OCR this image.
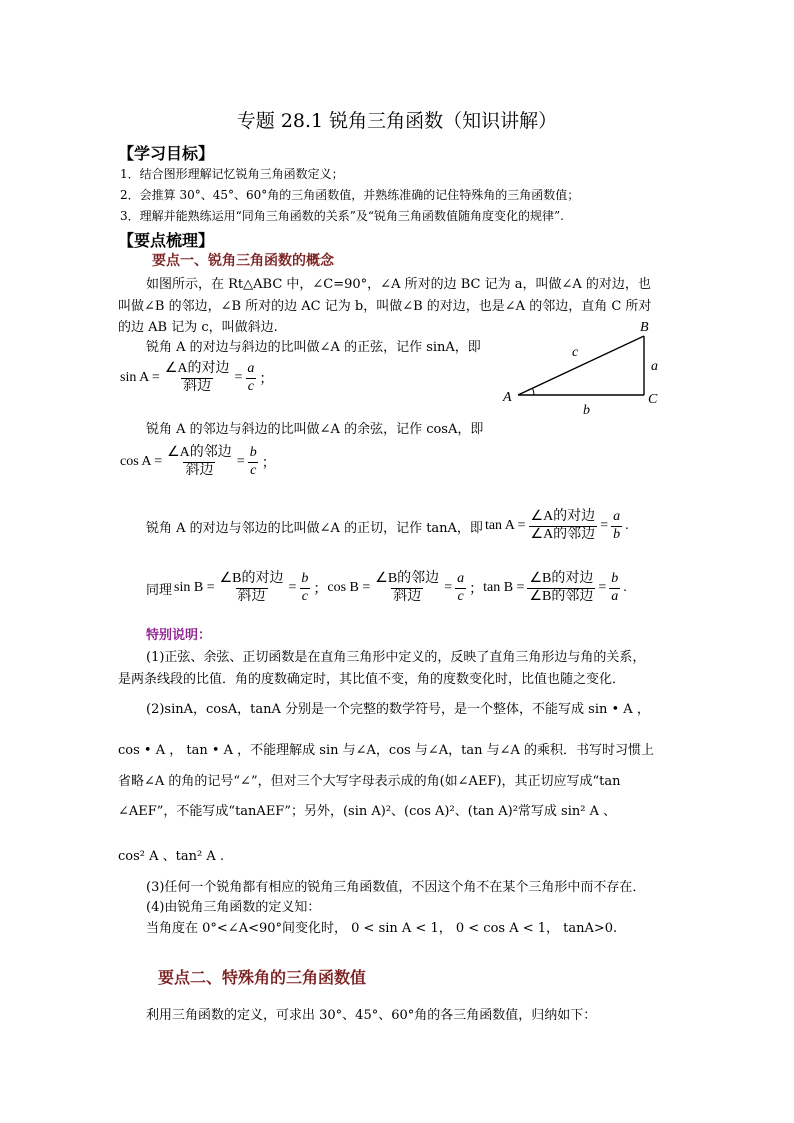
专题 28.1 锐角三角函数（知识讲解）
【学习目标】
1．结合图形理解记忆锐角三角函数定义；
2．会推算 30°、45°、60°角的三角函数值，并熟练准确的记住特殊角的三角函数值；
3．理解并能熟练运用“同角三角函数的关系”及“锐角三角函数值随角度变化的规律”.
【要点梳理】
要点一、锐角三角函数的概念
如图所示，在 Rt△ABC 中，∠C=90°，∠A 所对的边 BC 记为 a，叫做∠A 的对边，也
叫做∠B 的邻边，∠B 所对的边 AC 记为 b，叫做∠B 的对边，也是∠A 的邻边，直角 C 所对
的边 AB 记为 c，叫做斜边.
锐角 A 的对边与斜边的比叫做∠A 的正弦，记作 sinA，即
B
A	C
a
b
c
$\sin A = \frac{\text{∠A的对边}}{\text{斜边}} = \frac{a}{c}$ ；
锐角 A 的邻边与斜边的比叫做∠A 的余弦，记作 cosA，即
$\cos A = \frac{\text{∠A的邻边}}{\text{斜边}} = \frac{b}{c}$ ；
锐角 A 的对边与邻边的比叫做∠A 的正切，记作 tanA，即 $\tan A = \frac{\text{∠A的对边}}{\text{∠A的邻边}} = \frac{a}{b}$ .
同理 $\sin B = \frac{\text{∠B的对边}}{\text{斜边}} = \frac{b}{c}$ ； $\cos B = \frac{\text{∠B的邻边}}{\text{斜边}} = \frac{a}{c}$ ； $\tan B = \frac{\text{∠B的对边}}{\text{∠B的邻边}} = \frac{b}{a}$ .
特别说明：
(1)正弦、余弦、正切函数是在直角三角形中定义的，反映了直角三角形边与角的关系，
是两条线段的比值．角的度数确定时，其比值不变，角的度数变化时，比值也随之变化．
(2)sinA，cosA，tanA 分别是一个完整的数学符号，是一个整体，不能写成 sin • A ，
cos • A ， tan • A ，不能理解成 sin 与∠A，cos 与∠A，tan 与∠A 的乘积．书写时习惯上
省略∠A 的角的记号“∠”，但对三个大写字母表示成的角(如∠AEF)，其正切应写成“tan
∠AEF”，不能写成“tanAEF”；另外，(sin A)²、(cos A)²、(tan A)²常写成 sin² A 、
cos² A 、tan² A .
(3)任何一个锐角都有相应的锐角三角函数值，不因这个角不在某个三角形中而不存在．
(4)由锐角三角函数的定义知：
当角度在 0°<∠A<90°间变化时， 0 < sin A < 1， 0 < cos A < 1， tanA>0.
要点二、特殊角的三角函数值
利用三角函数的定义，可求出 30°、45°、60°角的各三角函数值，归纳如下：
